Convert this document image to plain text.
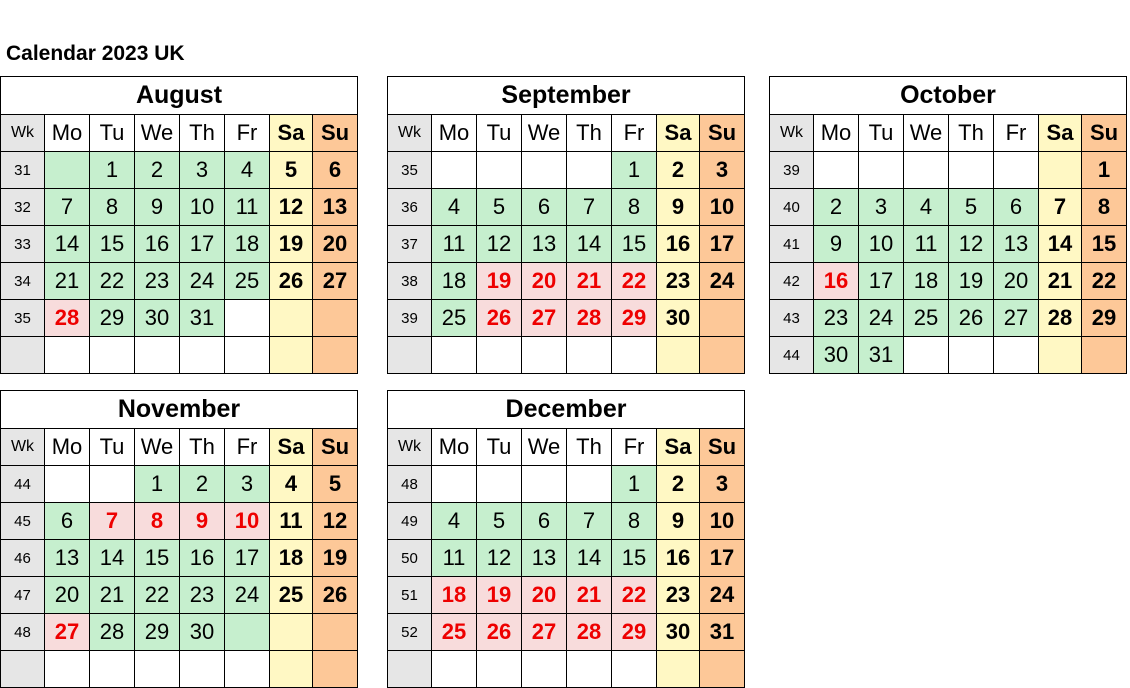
Calendar 2023 UK
August							
Wk	Mo	Tu	We	Th	Fr	Sa	Su
31		1	2	3	4	5	6
32	7	8	9	10	11	12	13
33	14	15	16	17	18	19	20
34	21	22	23	24	25	26	27
35	28	29	30	31			

September							
Wk	Mo	Tu	We	Th	Fr	Sa	Su
35					1	2	3
36	4	5	6	7	8	9	10
37	11	12	13	14	15	16	17
38	18	19	20	21	22	23	24
39	25	26	27	28	29	30	

October							
Wk	Mo	Tu	We	Th	Fr	Sa	Su
39							1
40	2	3	4	5	6	7	8
41	9	10	11	12	13	14	15
42	16	17	18	19	20	21	22
43	23	24	25	26	27	28	29
44	30	31					
November							
Wk	Mo	Tu	We	Th	Fr	Sa	Su
44			1	2	3	4	5
45	6	7	8	9	10	11	12
46	13	14	15	16	17	18	19
47	20	21	22	23	24	25	26
48	27	28	29	30			

December							
Wk	Mo	Tu	We	Th	Fr	Sa	Su
48					1	2	3
49	4	5	6	7	8	9	10
50	11	12	13	14	15	16	17
51	18	19	20	21	22	23	24
52	25	26	27	28	29	30	31
